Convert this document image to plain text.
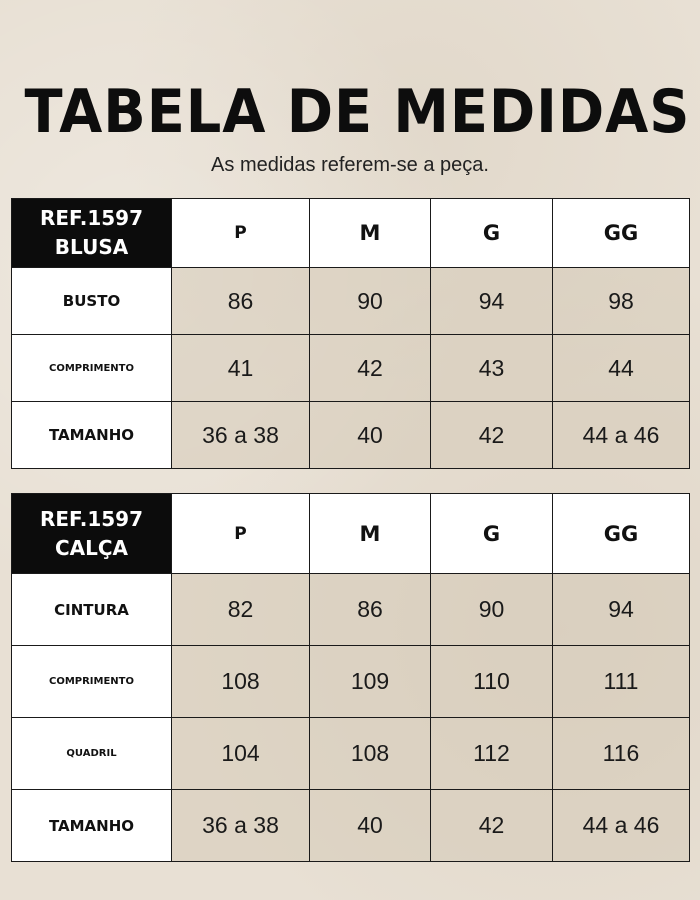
TABELA DE MEDIDAS
As medidas referem-se a peça.
REF.1597
BLUSA	P	M	G	GG
BUSTO	86	90	94	98
COMPRIMENTO	41	42	43	44
TAMANHO	36 a 38	40	42	44 a 46
REF.1597
CALÇA	P	M	G	GG
CINTURA	82	86	90	94
COMPRIMENTO	108	109	110	111
QUADRIL	104	108	112	116
TAMANHO	36 a 38	40	42	44 a 46
